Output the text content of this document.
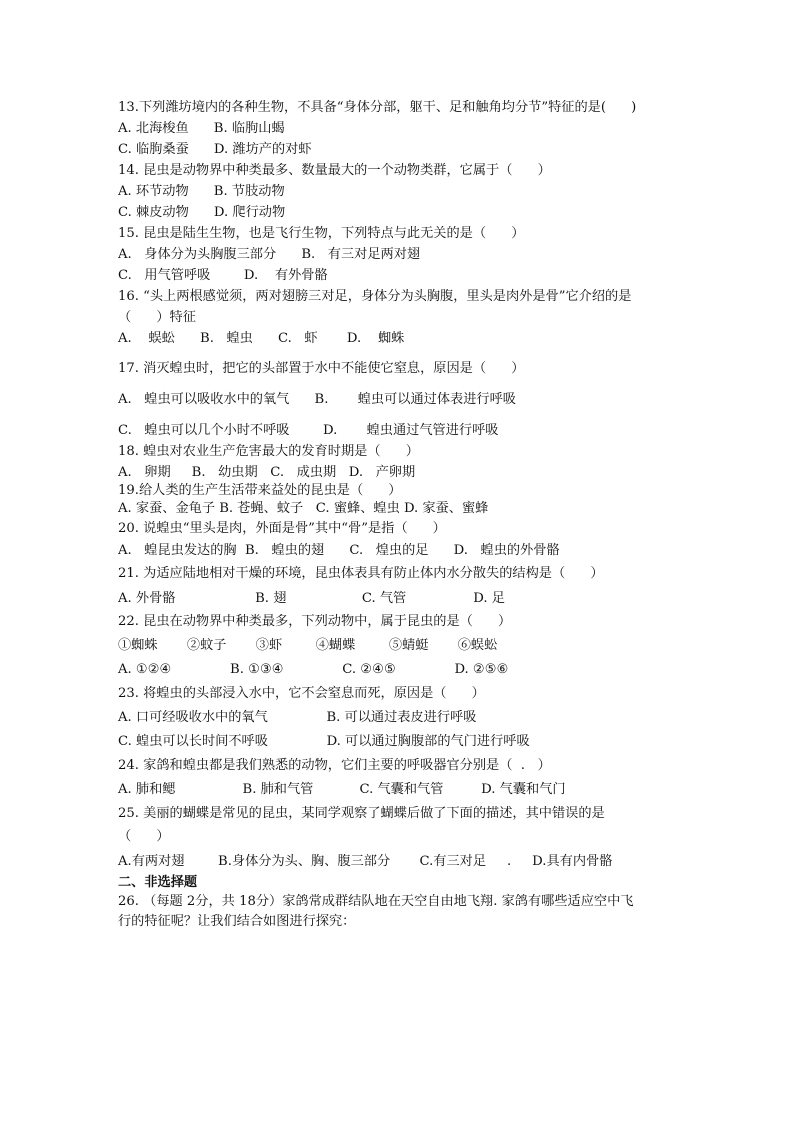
13.下列潍坊境内的各种生物，不具备“身体分部，躯干、足和触角均分节”特征的是(      )
A. 北海梭鱼      B. 临朐山蝎
C. 临朐桑蚕      D. 潍坊产的对虾
14. 昆虫是动物界中种类最多、数量最大的一个动物类群，它属于（      ）
A. 环节动物      B. 节肢动物
C. 棘皮动物      D. 爬行动物
15. 昆虫是陆生生物，也是飞行生物，下列特点与此无关的是（      ）
A.   身体分为头胸腹三部分      B.   有三对足两对翅
C.   用气管呼吸        D.    有外骨骼
16. “头上两根感觉须，两对翅膀三对足，身体分为头胸腹，里头是肉外是骨”它介绍的是
（      ）特征
A.    蜈蚣      B.   蝗虫      C.   虾       D.    蜘蛛
17. 消灭蝗虫时，把它的头部置于水中不能使它窒息，原因是（      ）
A.   蝗虫可以吸收水中的氧气      B.       蝗虫可以通过体表进行呼吸
C.   蝗虫可以几个小时不呼吸        D.       蝗虫通过气管进行呼吸
18. 蝗虫对农业生产危害最大的发育时期是（      ）
A.   卵期     B.   幼虫期   C.   成虫期   D.   产卵期
19.给人类的生产生活带来益处的昆虫是（      ）
A. 家蚕、金龟子 B. 苍蝇、蚊子   C. 蜜蜂、蝗虫 D. 家蚕、蜜蜂
20. 说蝗虫“里头是肉，外面是骨”其中“骨”是指（      ）
A.   蝗昆虫发达的胸  B.   蝗虫的翅      C.   煌虫的足      D.   蝗虫的外骨骼
21. 为适应陆地相对干燥的环境，昆虫体表具有防止体内水分散失的结构是（      ）
A. 外骨骼                   B. 翅                  C. 气管                D. 足
22. 昆虫在动物界中种类最多，下列动物中，属于昆虫的是（      ）
①蜘蛛       ②蚊子       ③虾        ④蝴蝶        ⑤蜻蜓       ⑥蜈蚣
A. ①②④              B. ①③④              C. ②④⑤              D. ②⑤⑥
23. 将蝗虫的头部浸入水中，它不会窒息而死，原因是（      ）
A. 口可经吸收水中的氧气              B. 可以通过表皮进行呼吸
C. 蝗虫可以长时间不呼吸              D. 可以通过胸腹部的气门进行呼吸
24. 家鸽和蝗虫都是我们熟悉的动物，它们主要的呼吸器官分别是（  .   ）
A. 肺和鳃                B. 肺和气管           C. 气囊和气管         D. 气囊和气门
25. 美丽的蝴蝶是常见的昆虫，某同学观察了蝴蝶后做了下面的描述，其中错误的是
（      ）
A.有两对翅        B.身体分为头、胸、腹三部分       C.有三对足     .     D.具有内骨骼
二、非选择题
26. （每题 2分，共 18分）家鸽常成群结队地在天空自由地飞翔. 家鸽有哪些适应空中飞
行的特征呢？让我们结合如图进行探究：
